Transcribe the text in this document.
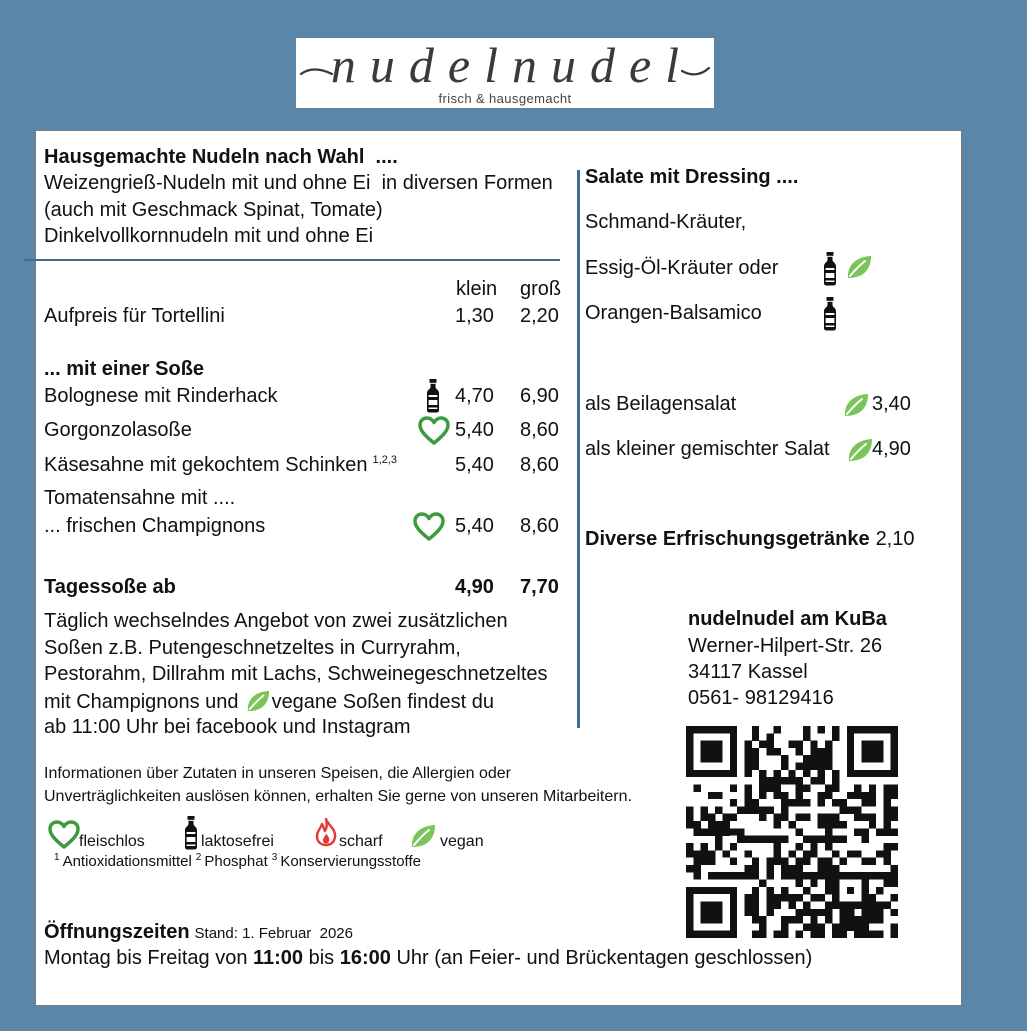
nudelnudel
frisch & hausgemacht
Hausgemachte Nudeln nach Wahl  ....
Weizengrieß-Nudeln mit und ohne Ei  in diversen Formen
(auch mit Geschmack Spinat, Tomate)
Dinkelvollkornnudeln mit und ohne Ei
klein groß
Aufpreis für Tortellini	1,30 2,20
... mit einer Soße
Bolognese mit Rinderhack	4,70 6,90
Gorgonzolasoße	5,40 8,60
Käsesahne mit gekochtem Schinken $^{1,2,3}$	5,40 8,60
Tomatensahne mit ....
... frischen Champignons	5,40 8,60
Tagessoße ab	4,90 7,70
Täglich wechselndes Angebot von zwei zusätzlichen
Soßen z.B. Putengeschnetzeltes in Curryrahm,
Pestorahm, Dillrahm mit Lachs, Schweinegeschnetzeltes
mit Champignons und vegane Soßen findest du
ab 11:00 Uhr bei facebook und Instagram
Salate mit Dressing ....
Schmand-Kräuter,
Essig-Öl-Kräuter oder
Orangen-Balsamico
als Beilagensalat	3,40
als kleiner gemischter Salat 4,90
Diverse Erfrischungsgetränke 2,10
nudelnudel am KuBa
Werner-Hilpert-Str. 26
34117 Kassel
0561- 98129416
Informationen über Zutaten in unseren Speisen, die Allergien oder
Unverträglichkeiten auslösen können, erhalten Sie gerne von unseren Mitarbeitern.
fleischlos	laktosefrei	scharf	vegan
$^1$ Antioxidationsmittel $^2$ Phosphat $^3$ Konservierungsstoffe
Öffnungszeiten Stand: 1. Februar  2026
Montag bis Freitag von 11:00 bis 16:00 Uhr (an Feier- und Brückentagen geschlossen)
